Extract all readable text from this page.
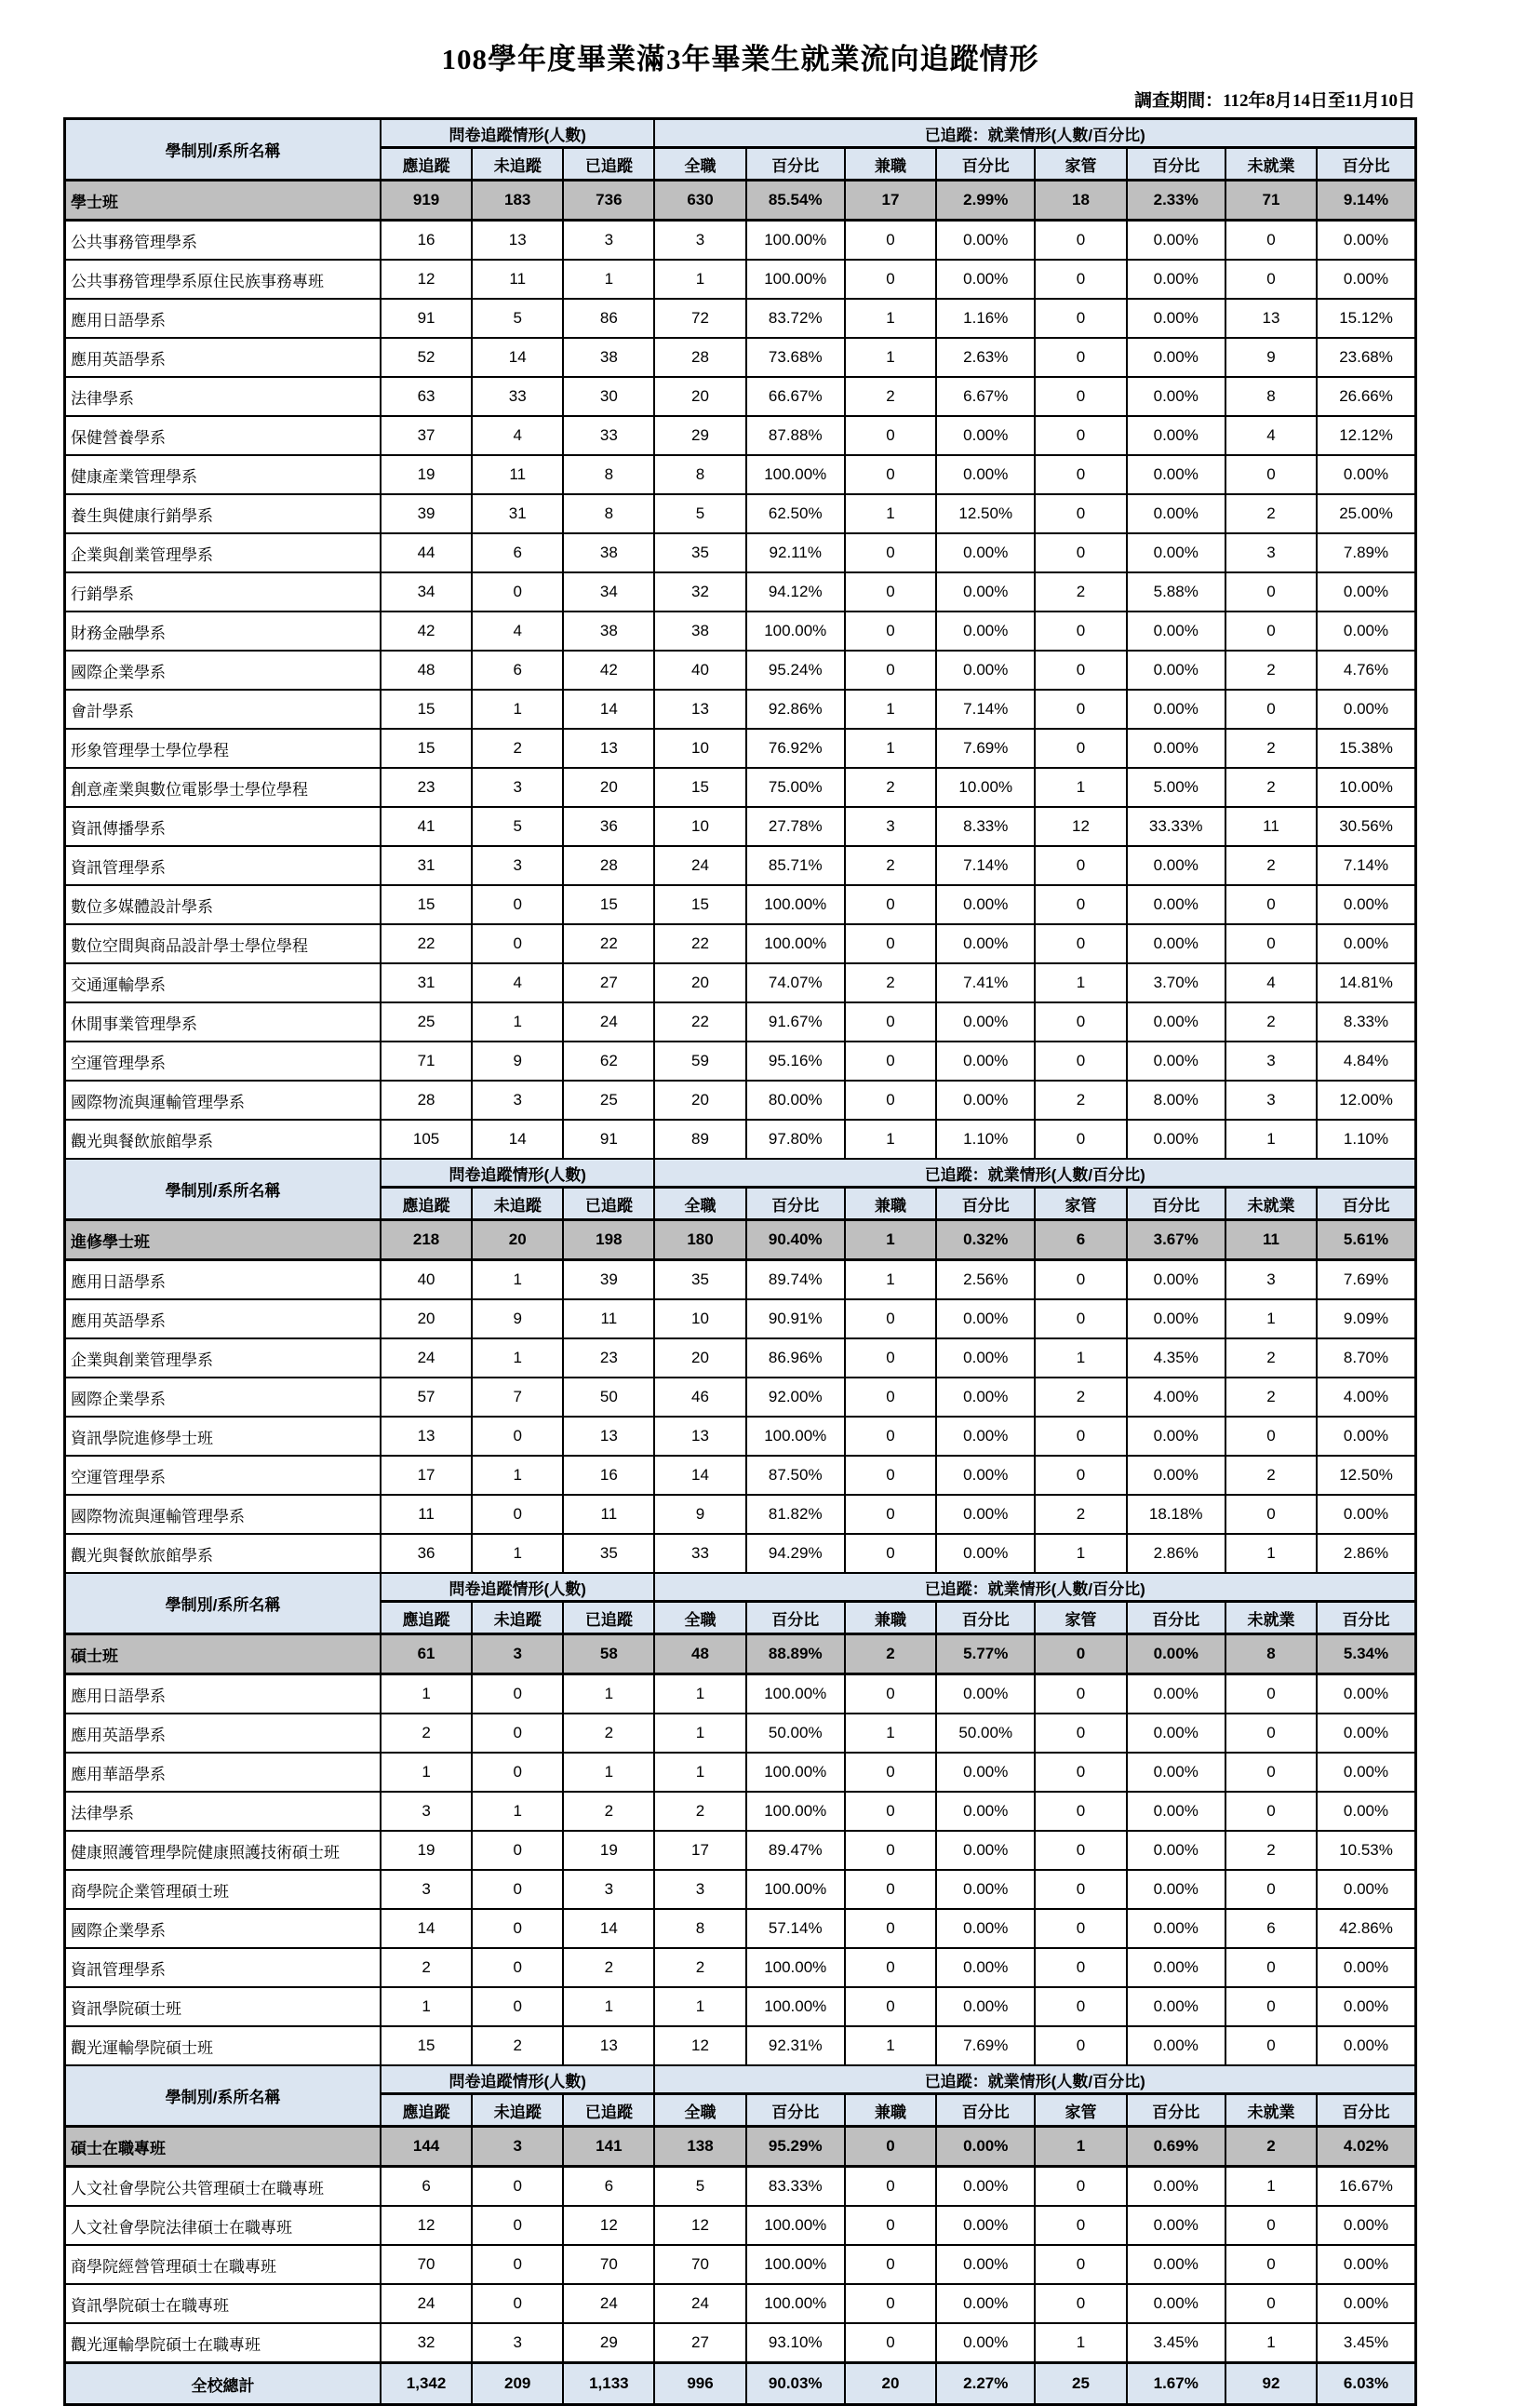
108學年度畢業滿3年畢業生就業流向追蹤情形
調查期間：112年8月14日至11月10日
學制別/系所名稱	問卷追蹤情形(人數)			已追蹤：就業情形(人數/百分比)							
	應追蹤	未追蹤	已追蹤	全職	百分比	兼職	百分比	家管	百分比	未就業	百分比
學士班	919	183	736	630	85.54%	17	2.99%	18	2.33%	71	9.14%
公共事務管理學系	16	13	3	3	100.00%	0	0.00%	0	0.00%	0	0.00%
公共事務管理學系原住民族事務專班	12	11	1	1	100.00%	0	0.00%	0	0.00%	0	0.00%
應用日語學系	91	5	86	72	83.72%	1	1.16%	0	0.00%	13	15.12%
應用英語學系	52	14	38	28	73.68%	1	2.63%	0	0.00%	9	23.68%
法律學系	63	33	30	20	66.67%	2	6.67%	0	0.00%	8	26.66%
保健營養學系	37	4	33	29	87.88%	0	0.00%	0	0.00%	4	12.12%
健康產業管理學系	19	11	8	8	100.00%	0	0.00%	0	0.00%	0	0.00%
養生與健康行銷學系	39	31	8	5	62.50%	1	12.50%	0	0.00%	2	25.00%
企業與創業管理學系	44	6	38	35	92.11%	0	0.00%	0	0.00%	3	7.89%
行銷學系	34	0	34	32	94.12%	0	0.00%	2	5.88%	0	0.00%
財務金融學系	42	4	38	38	100.00%	0	0.00%	0	0.00%	0	0.00%
國際企業學系	48	6	42	40	95.24%	0	0.00%	0	0.00%	2	4.76%
會計學系	15	1	14	13	92.86%	1	7.14%	0	0.00%	0	0.00%
形象管理學士學位學程	15	2	13	10	76.92%	1	7.69%	0	0.00%	2	15.38%
創意產業與數位電影學士學位學程	23	3	20	15	75.00%	2	10.00%	1	5.00%	2	10.00%
資訊傳播學系	41	5	36	10	27.78%	3	8.33%	12	33.33%	11	30.56%
資訊管理學系	31	3	28	24	85.71%	2	7.14%	0	0.00%	2	7.14%
數位多媒體設計學系	15	0	15	15	100.00%	0	0.00%	0	0.00%	0	0.00%
數位空間與商品設計學士學位學程	22	0	22	22	100.00%	0	0.00%	0	0.00%	0	0.00%
交通運輸學系	31	4	27	20	74.07%	2	7.41%	1	3.70%	4	14.81%
休閒事業管理學系	25	1	24	22	91.67%	0	0.00%	0	0.00%	2	8.33%
空運管理學系	71	9	62	59	95.16%	0	0.00%	0	0.00%	3	4.84%
國際物流與運輸管理學系	28	3	25	20	80.00%	0	0.00%	2	8.00%	3	12.00%
觀光與餐飲旅館學系	105	14	91	89	97.80%	1	1.10%	0	0.00%	1	1.10%
學制別/系所名稱	問卷追蹤情形(人數)			已追蹤：就業情形(人數/百分比)							
	應追蹤	未追蹤	已追蹤	全職	百分比	兼職	百分比	家管	百分比	未就業	百分比
進修學士班	218	20	198	180	90.40%	1	0.32%	6	3.67%	11	5.61%
應用日語學系	40	1	39	35	89.74%	1	2.56%	0	0.00%	3	7.69%
應用英語學系	20	9	11	10	90.91%	0	0.00%	0	0.00%	1	9.09%
企業與創業管理學系	24	1	23	20	86.96%	0	0.00%	1	4.35%	2	8.70%
國際企業學系	57	7	50	46	92.00%	0	0.00%	2	4.00%	2	4.00%
資訊學院進修學士班	13	0	13	13	100.00%	0	0.00%	0	0.00%	0	0.00%
空運管理學系	17	1	16	14	87.50%	0	0.00%	0	0.00%	2	12.50%
國際物流與運輸管理學系	11	0	11	9	81.82%	0	0.00%	2	18.18%	0	0.00%
觀光與餐飲旅館學系	36	1	35	33	94.29%	0	0.00%	1	2.86%	1	2.86%
學制別/系所名稱	問卷追蹤情形(人數)			已追蹤：就業情形(人數/百分比)							
	應追蹤	未追蹤	已追蹤	全職	百分比	兼職	百分比	家管	百分比	未就業	百分比
碩士班	61	3	58	48	88.89%	2	5.77%	0	0.00%	8	5.34%
應用日語學系	1	0	1	1	100.00%	0	0.00%	0	0.00%	0	0.00%
應用英語學系	2	0	2	1	50.00%	1	50.00%	0	0.00%	0	0.00%
應用華語學系	1	0	1	1	100.00%	0	0.00%	0	0.00%	0	0.00%
法律學系	3	1	2	2	100.00%	0	0.00%	0	0.00%	0	0.00%
健康照護管理學院健康照護技術碩士班	19	0	19	17	89.47%	0	0.00%	0	0.00%	2	10.53%
商學院企業管理碩士班	3	0	3	3	100.00%	0	0.00%	0	0.00%	0	0.00%
國際企業學系	14	0	14	8	57.14%	0	0.00%	0	0.00%	6	42.86%
資訊管理學系	2	0	2	2	100.00%	0	0.00%	0	0.00%	0	0.00%
資訊學院碩士班	1	0	1	1	100.00%	0	0.00%	0	0.00%	0	0.00%
觀光運輸學院碩士班	15	2	13	12	92.31%	1	7.69%	0	0.00%	0	0.00%
學制別/系所名稱	問卷追蹤情形(人數)			已追蹤：就業情形(人數/百分比)							
	應追蹤	未追蹤	已追蹤	全職	百分比	兼職	百分比	家管	百分比	未就業	百分比
碩士在職專班	144	3	141	138	95.29%	0	0.00%	1	0.69%	2	4.02%
人文社會學院公共管理碩士在職專班	6	0	6	5	83.33%	0	0.00%	0	0.00%	1	16.67%
人文社會學院法律碩士在職專班	12	0	12	12	100.00%	0	0.00%	0	0.00%	0	0.00%
商學院經營管理碩士在職專班	70	0	70	70	100.00%	0	0.00%	0	0.00%	0	0.00%
資訊學院碩士在職專班	24	0	24	24	100.00%	0	0.00%	0	0.00%	0	0.00%
觀光運輸學院碩士在職專班	32	3	29	27	93.10%	0	0.00%	1	3.45%	1	3.45%
全校總計	1,342	209	1,133	996	90.03%	20	2.27%	25	1.67%	92	6.03%
